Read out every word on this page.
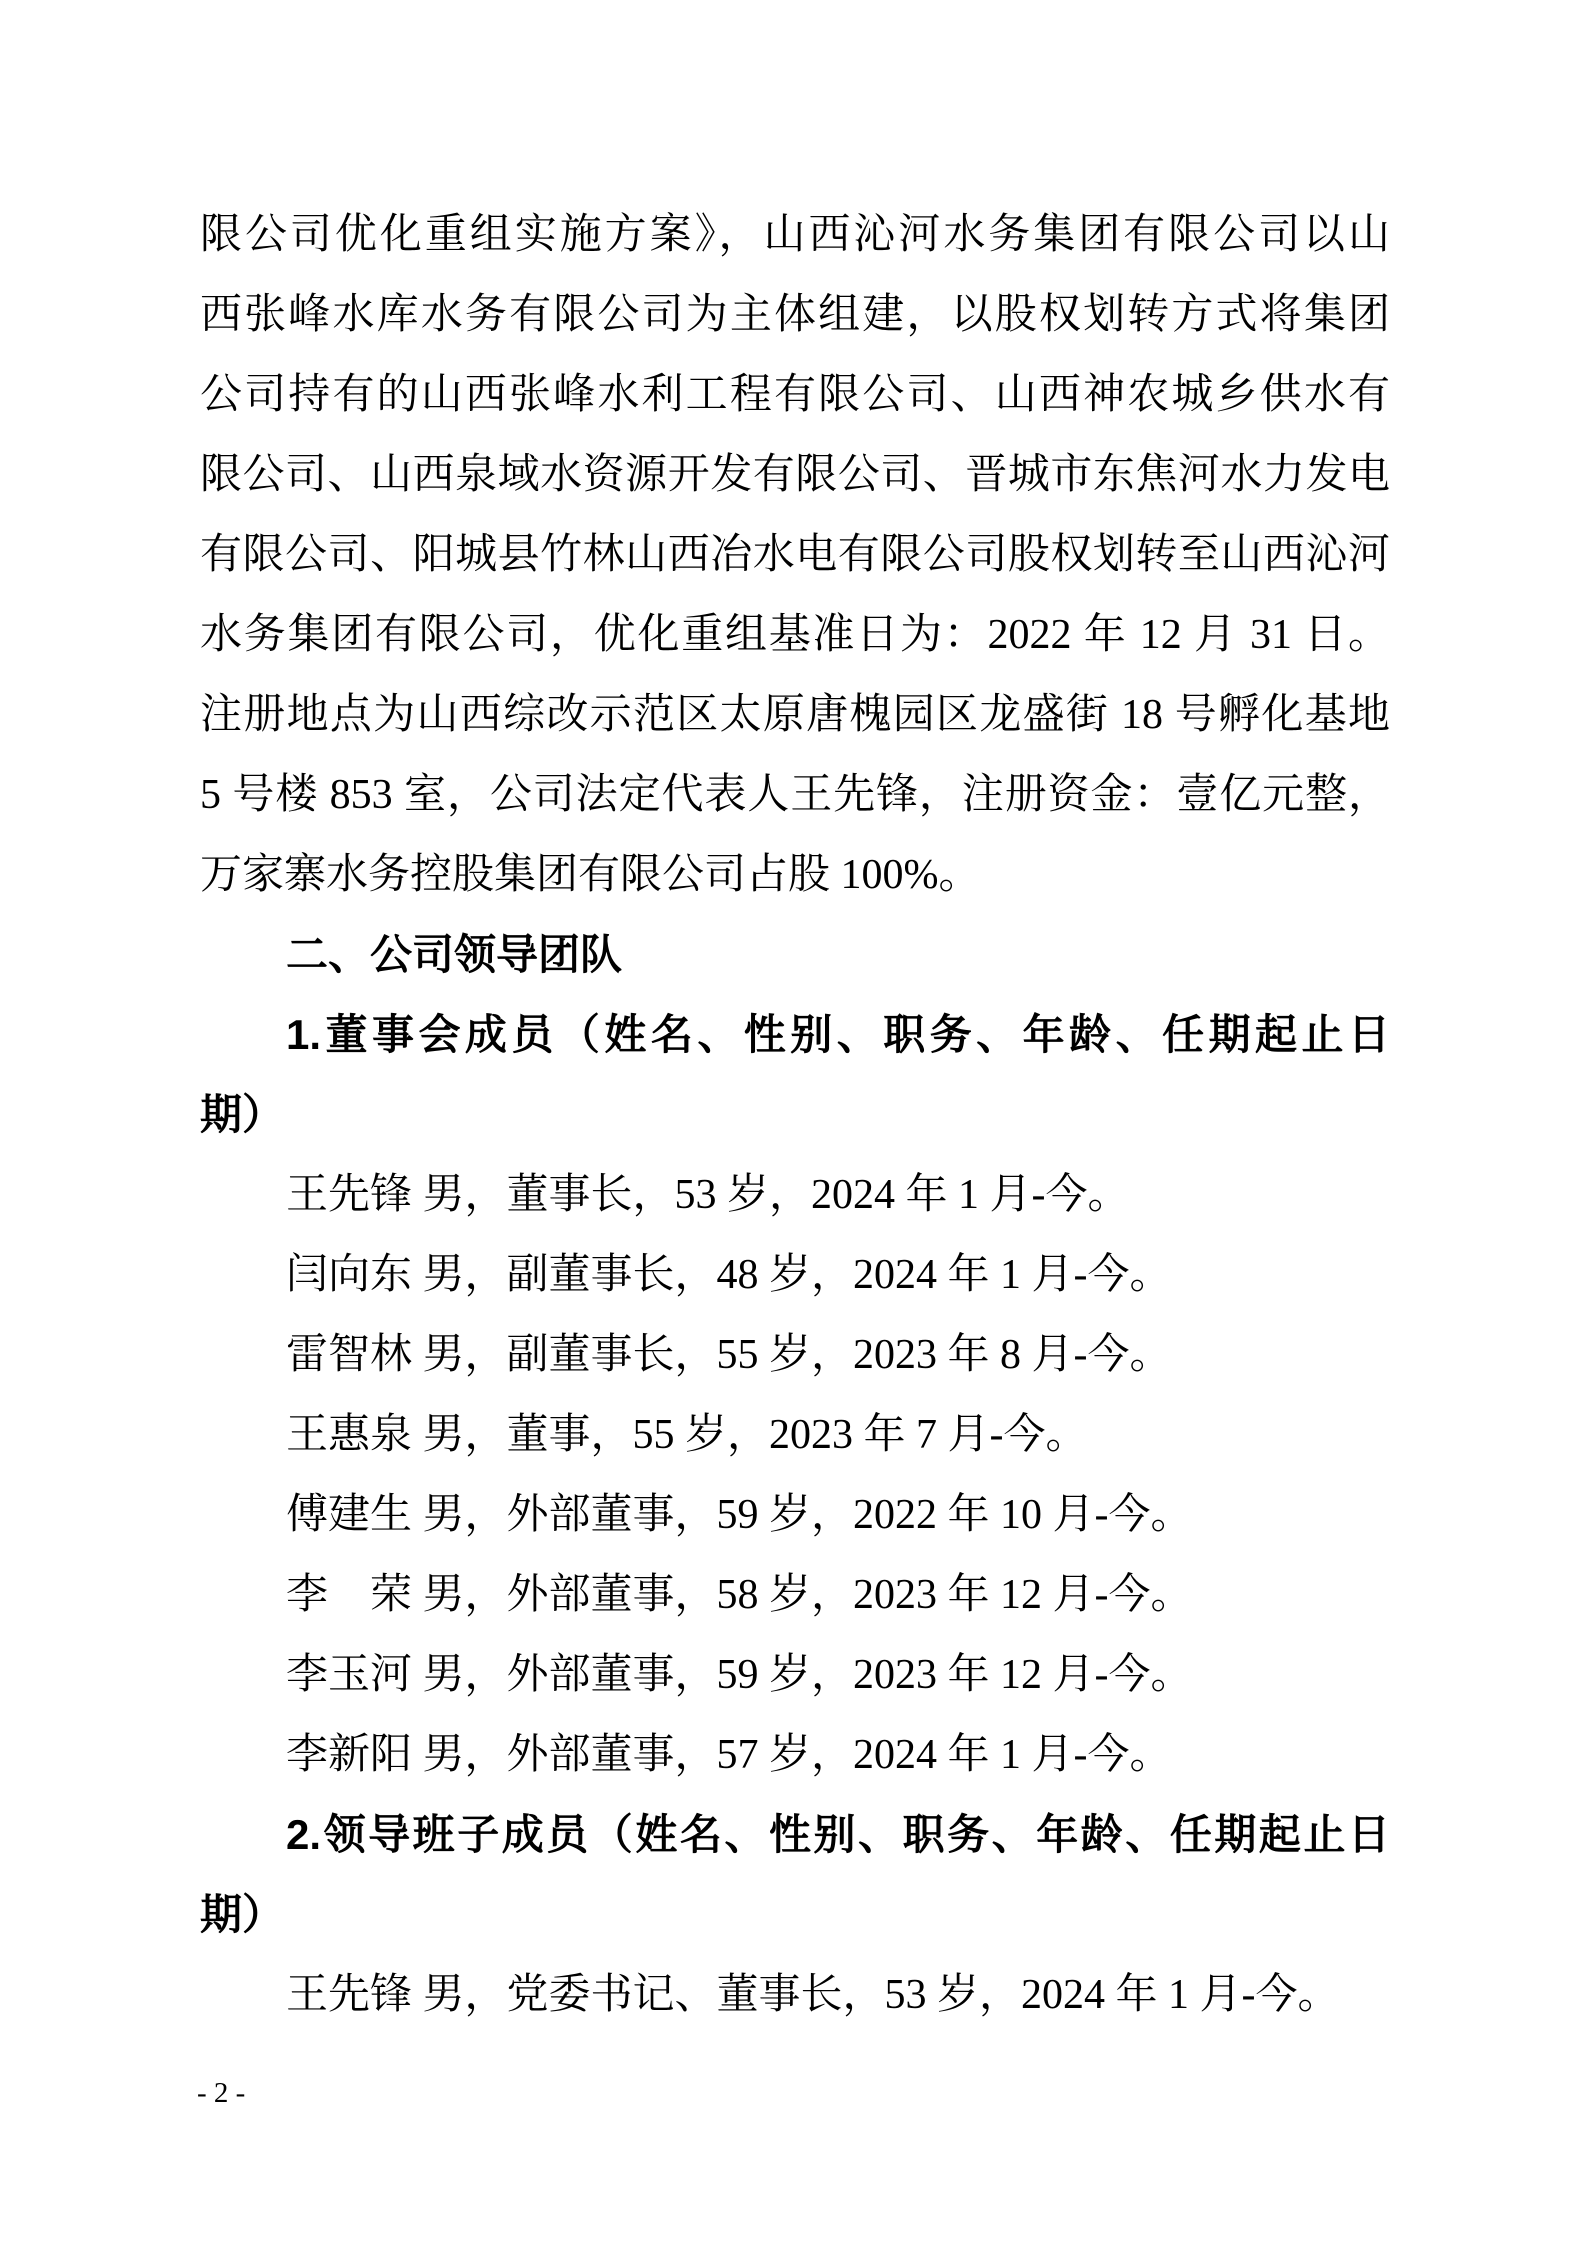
限公司优化重组实施方案》，山西沁河水务集团有限公司以山
西张峰水库水务有限公司为主体组建，以股权划转方式将集团
公司持有的山西张峰水利工程有限公司、山西神农城乡供水有
限公司、山西泉域水资源开发有限公司、晋城市东焦河水力发电
有限公司、阳城县竹林山西冶水电有限公司股权划转至山西沁河
水务集团有限公司，优化重组基准日为：2022 年 12 月 31 日。
注册地点为山西综改示范区太原唐槐园区龙盛街 18 号孵化基地
5 号楼 853 室，公司法定代表人王先锋，注册资金：壹亿元整，
万家寨水务控股集团有限公司占股 100%。
二、公司领导团队
1.董事会成员（姓名、性别、职务、年龄、任期起止日
期）
王先锋 男，董事长，53 岁，2024 年 1 月-今。
闫向东 男，副董事长，48 岁，2024 年 1 月-今。
雷智林 男，副董事长，55 岁，2023 年 8 月-今。
王惠泉 男，董事，55 岁，2023 年 7 月-今。
傅建生 男，外部董事，59 岁，2022 年 10 月-今。
李　荣 男，外部董事，58 岁，2023 年 12 月-今。
李玉河 男，外部董事，59 岁，2023 年 12 月-今。
李新阳 男，外部董事，57 岁，2024 年 1 月-今。
2.领导班子成员（姓名、性别、职务、年龄、任期起止日
期）
王先锋 男，党委书记、董事长，53 岁，2024 年 1 月-今。
- 2 -
